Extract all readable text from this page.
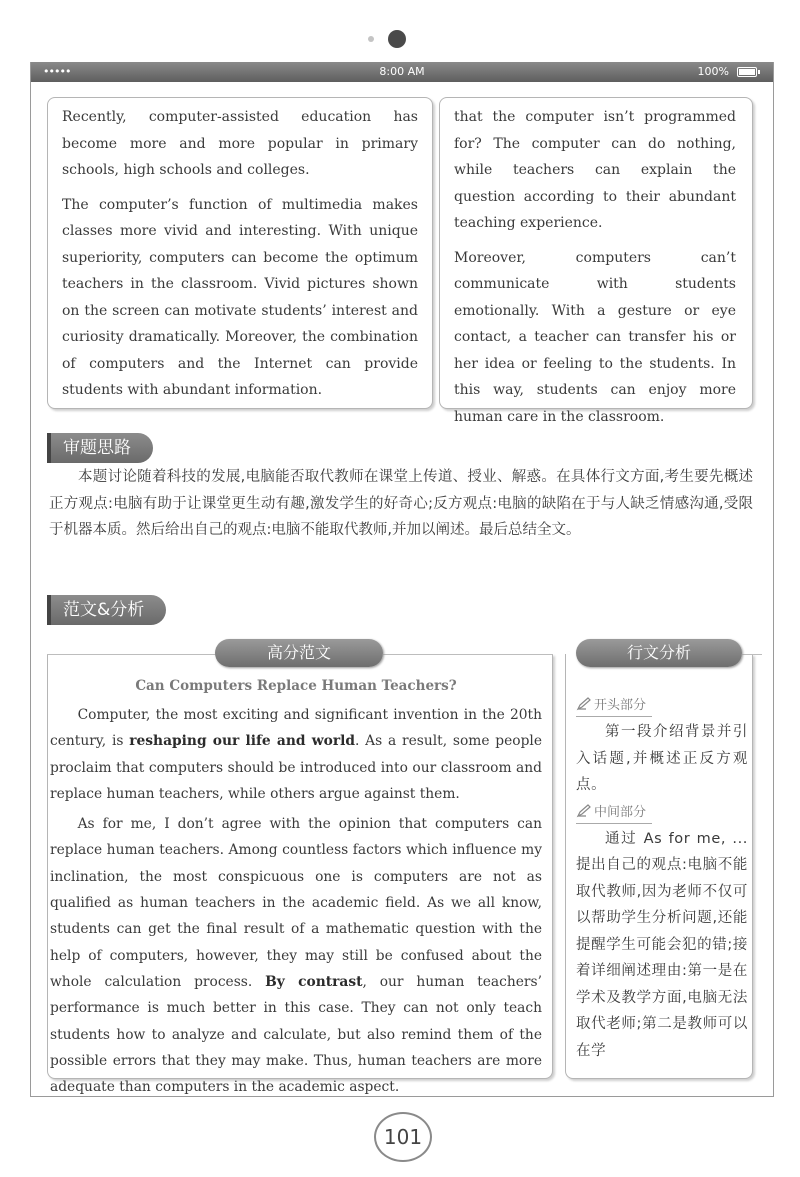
•••••	8:00 AM	100%

Recently, computer-assisted education has become more and more popular in primary schools, high schools and colleges.

The computer’s function of multimedia makes classes more vivid and interesting. With unique superiority, computers can become the optimum teachers in the classroom. Vivid pictures shown on the screen can motivate students’ interest and curiosity dramatically. Moreover, the combination of computers and the Internet can provide students with abundant information.

that the computer isn’t programmed for? The computer can do nothing, while teachers can explain the question according to their abundant teaching experience.

Moreover, computers can’t communicate with students emotionally. With a gesture or eye contact, a teacher can transfer his or her idea or feeling to the students. In this way, students can enjoy more human care in the classroom.

审题思路
本题讨论随着科技的发展,电脑能否取代教师在课堂上传道、授业、解惑。在具体行文方面,考生要先概述正方观点:电脑有助于让课堂更生动有趣,激发学生的好奇心;反方观点:电脑的缺陷在于与人缺乏情感沟通,受限于机器本质。然后给出自己的观点:电脑不能取代教师,并加以阐述。最后总结全文。
范文&分析
Can Computers Replace Human Teachers?

Computer, the most exciting and significant invention in the 20th century, is reshaping our life and world. As a result, some people proclaim that computers should be introduced into our classroom and replace human teachers, while others argue against them.

As for me, I don’t agree with the opinion that computers can replace human teachers. Among countless factors which influence my inclination, the most conspicuous one is computers are not as qualified as human teachers in the academic field. As we all know, students can get the final result of a mathematic question with the help of computers, however, they may still be confused about the whole calculation process. By contrast, our human teachers’ performance is much better in this case. They can not only teach students how to analyze and calculate, but also remind them of the possible errors that they may make. Thus, human teachers are more adequate than computers in the academic aspect.

开头部分
第一段介绍背景并引入话题,并概述正反方观点。
中间部分
通过 As for me, ... 提出自己的观点:电脑不能取代教师,因为老师不仅可以帮助学生分析问题,还能提醒学生可能会犯的错;接着详细阐述理由:第一是在学术及教学方面,电脑无法取代老师;第二是教师可以在学
高分范文	行文分析
101
